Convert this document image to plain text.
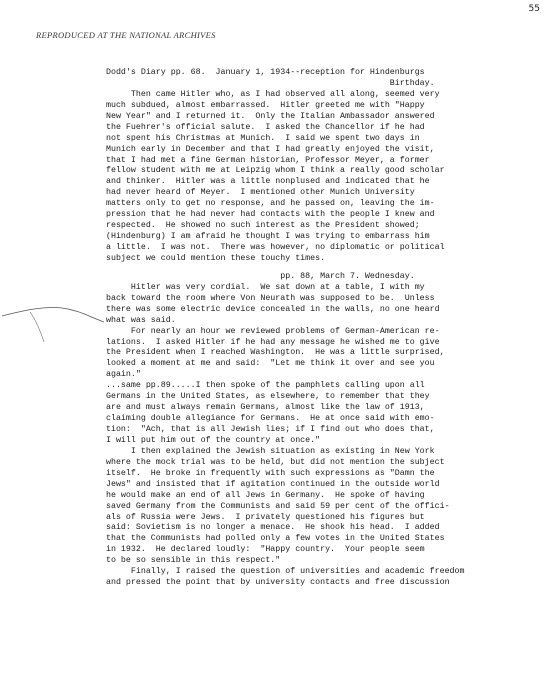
55
REPRODUCED AT THE NATIONAL ARCHIVES
Dodd's Diary pp. 68.  January 1, 1934--reception for Hindenburgs
Birthday.
Then came Hitler who, as I had observed all along, seemed very
much subdued, almost embarrassed.  Hitler greeted me with "Happy
New Year" and I returned it.  Only the Italian Ambassador answered
the Fuehrer's official salute.  I asked the Chancellor if he had
not spent his Christmas at Munich.  I said we spent two days in
Munich early in December and that I had greatly enjoyed the visit,
that I had met a fine German historian, Professor Meyer, a former
fellow student with me at Leipzig whom I think a really good scholar
and thinker.  Hitler was a little nonplused and indicated that he
had never heard of Meyer.  I mentioned other Munich University
matters only to get no response, and he passed on, leaving the im-
pression that he had never had contacts with the people I knew and
respected.  He showed no such interest as the President showed;
(Hindenburg) I am afraid he thought I was trying to embarrass him
a little.  I was not.  There was however, no diplomatic or political
subject we could mention these touchy times.
pp. 88, March 7. Wednesday.
Hitler was very cordial.  We sat down at a table, I with my
back toward the room where Von Neurath was supposed to be.  Unless
there was some electric device concealed in the walls, no one heard
what was said.
For nearly an hour we reviewed problems of German-American re-
lations.  I asked Hitler if he had any message he wished me to give
the President when I reached Washington.  He was a little surprised,
looked a moment at me and said:  "Let me think it over and see you
again."
...same pp.89.....I then spoke of the pamphlets calling upon all
Germans in the United States, as elsewhere, to remember that they
are and must always remain Germans, almost like the law of 1913,
claiming double allegiance for Germans.  He at once said with emo-
tion:  "Ach, that is all Jewish lies; if I find out who does that,
I will put him out of the country at once."
I then explained the Jewish situation as existing in New York
where the mock trial was to be held, but did not mention the subject
itself.  He broke in frequently with such expressions as "Damn the
Jews" and insisted that if agitation continued in the outside world
he would make an end of all Jews in Germany.  He spoke of having
saved Germany from the Communists and said 59 per cent of the offici-
als of Russia were Jews.  I privately questioned his figures but
said: Sovietism is no longer a menace.  He shook his head.  I added
that the Communists had polled only a few votes in the United States
in 1932.  He declared loudly:  "Happy country.  Your people seem
to be so sensible in this respect."
Finally, I raised the question of universities and academic freedom
and pressed the point that by university contacts and free discussion
